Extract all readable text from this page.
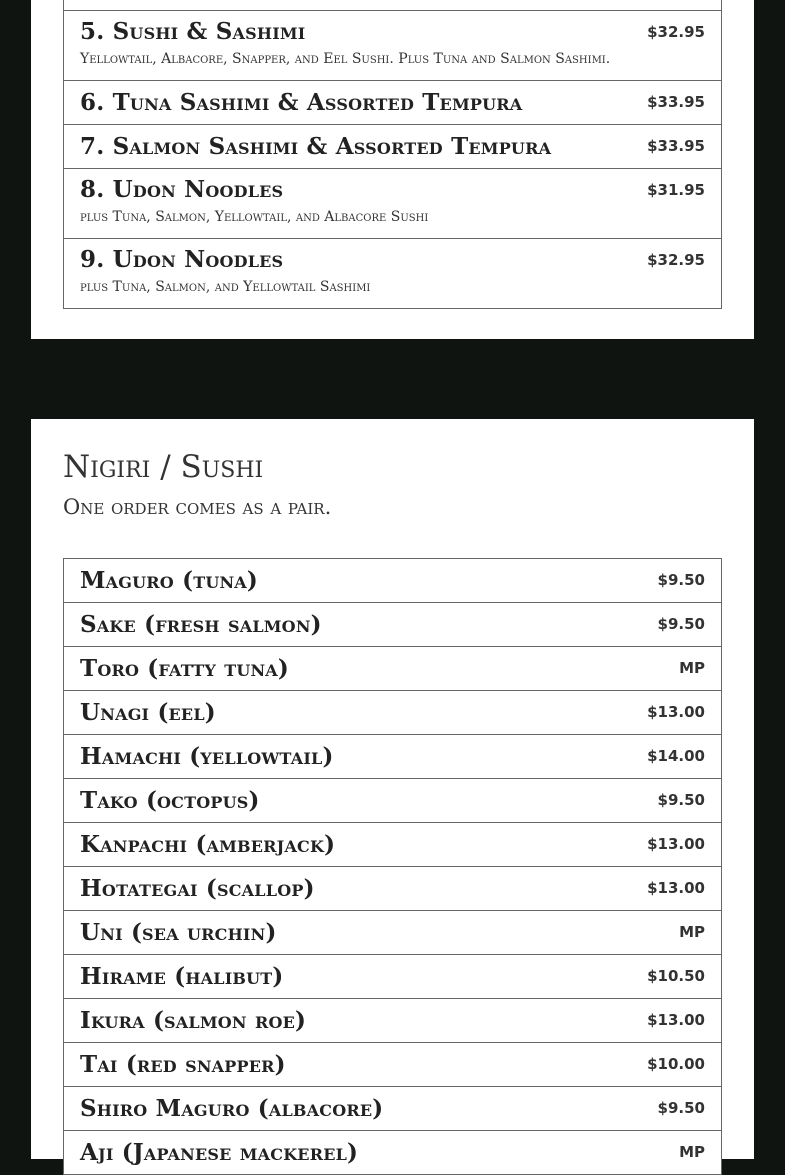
5. Sushi & Sashimi	$32.95
Yellowtail, Albacore, Snapper, and Eel Sushi. Plus Tuna and Salmon Sashimi.
6. Tuna Sashimi & Assorted Tempura	$33.95
7. Salmon Sashimi & Assorted Tempura	$33.95
8. Udon Noodles	$31.95
plus Tuna, Salmon, Yellowtail, and Albacore Sushi
9. Udon Noodles	$32.95
plus Tuna, Salmon, and Yellowtail Sashimi
Nigiri / Sushi
One order comes as a pair.
Maguro (tuna)	$9.50
Sake (fresh salmon)	$9.50
Toro (fatty tuna)	MP
Unagi (eel)	$13.00
Hamachi (yellowtail)	$14.00
Tako (octopus)	$9.50
Kanpachi (amberjack)	$13.00
Hotategai (scallop)	$13.00
Uni (sea urchin)	MP
Hirame (halibut)	$10.50
Ikura (salmon roe)	$13.00
Tai (red snapper)	$10.00
Shiro Maguro (albacore)	$9.50
Aji (Japanese mackerel)	MP
